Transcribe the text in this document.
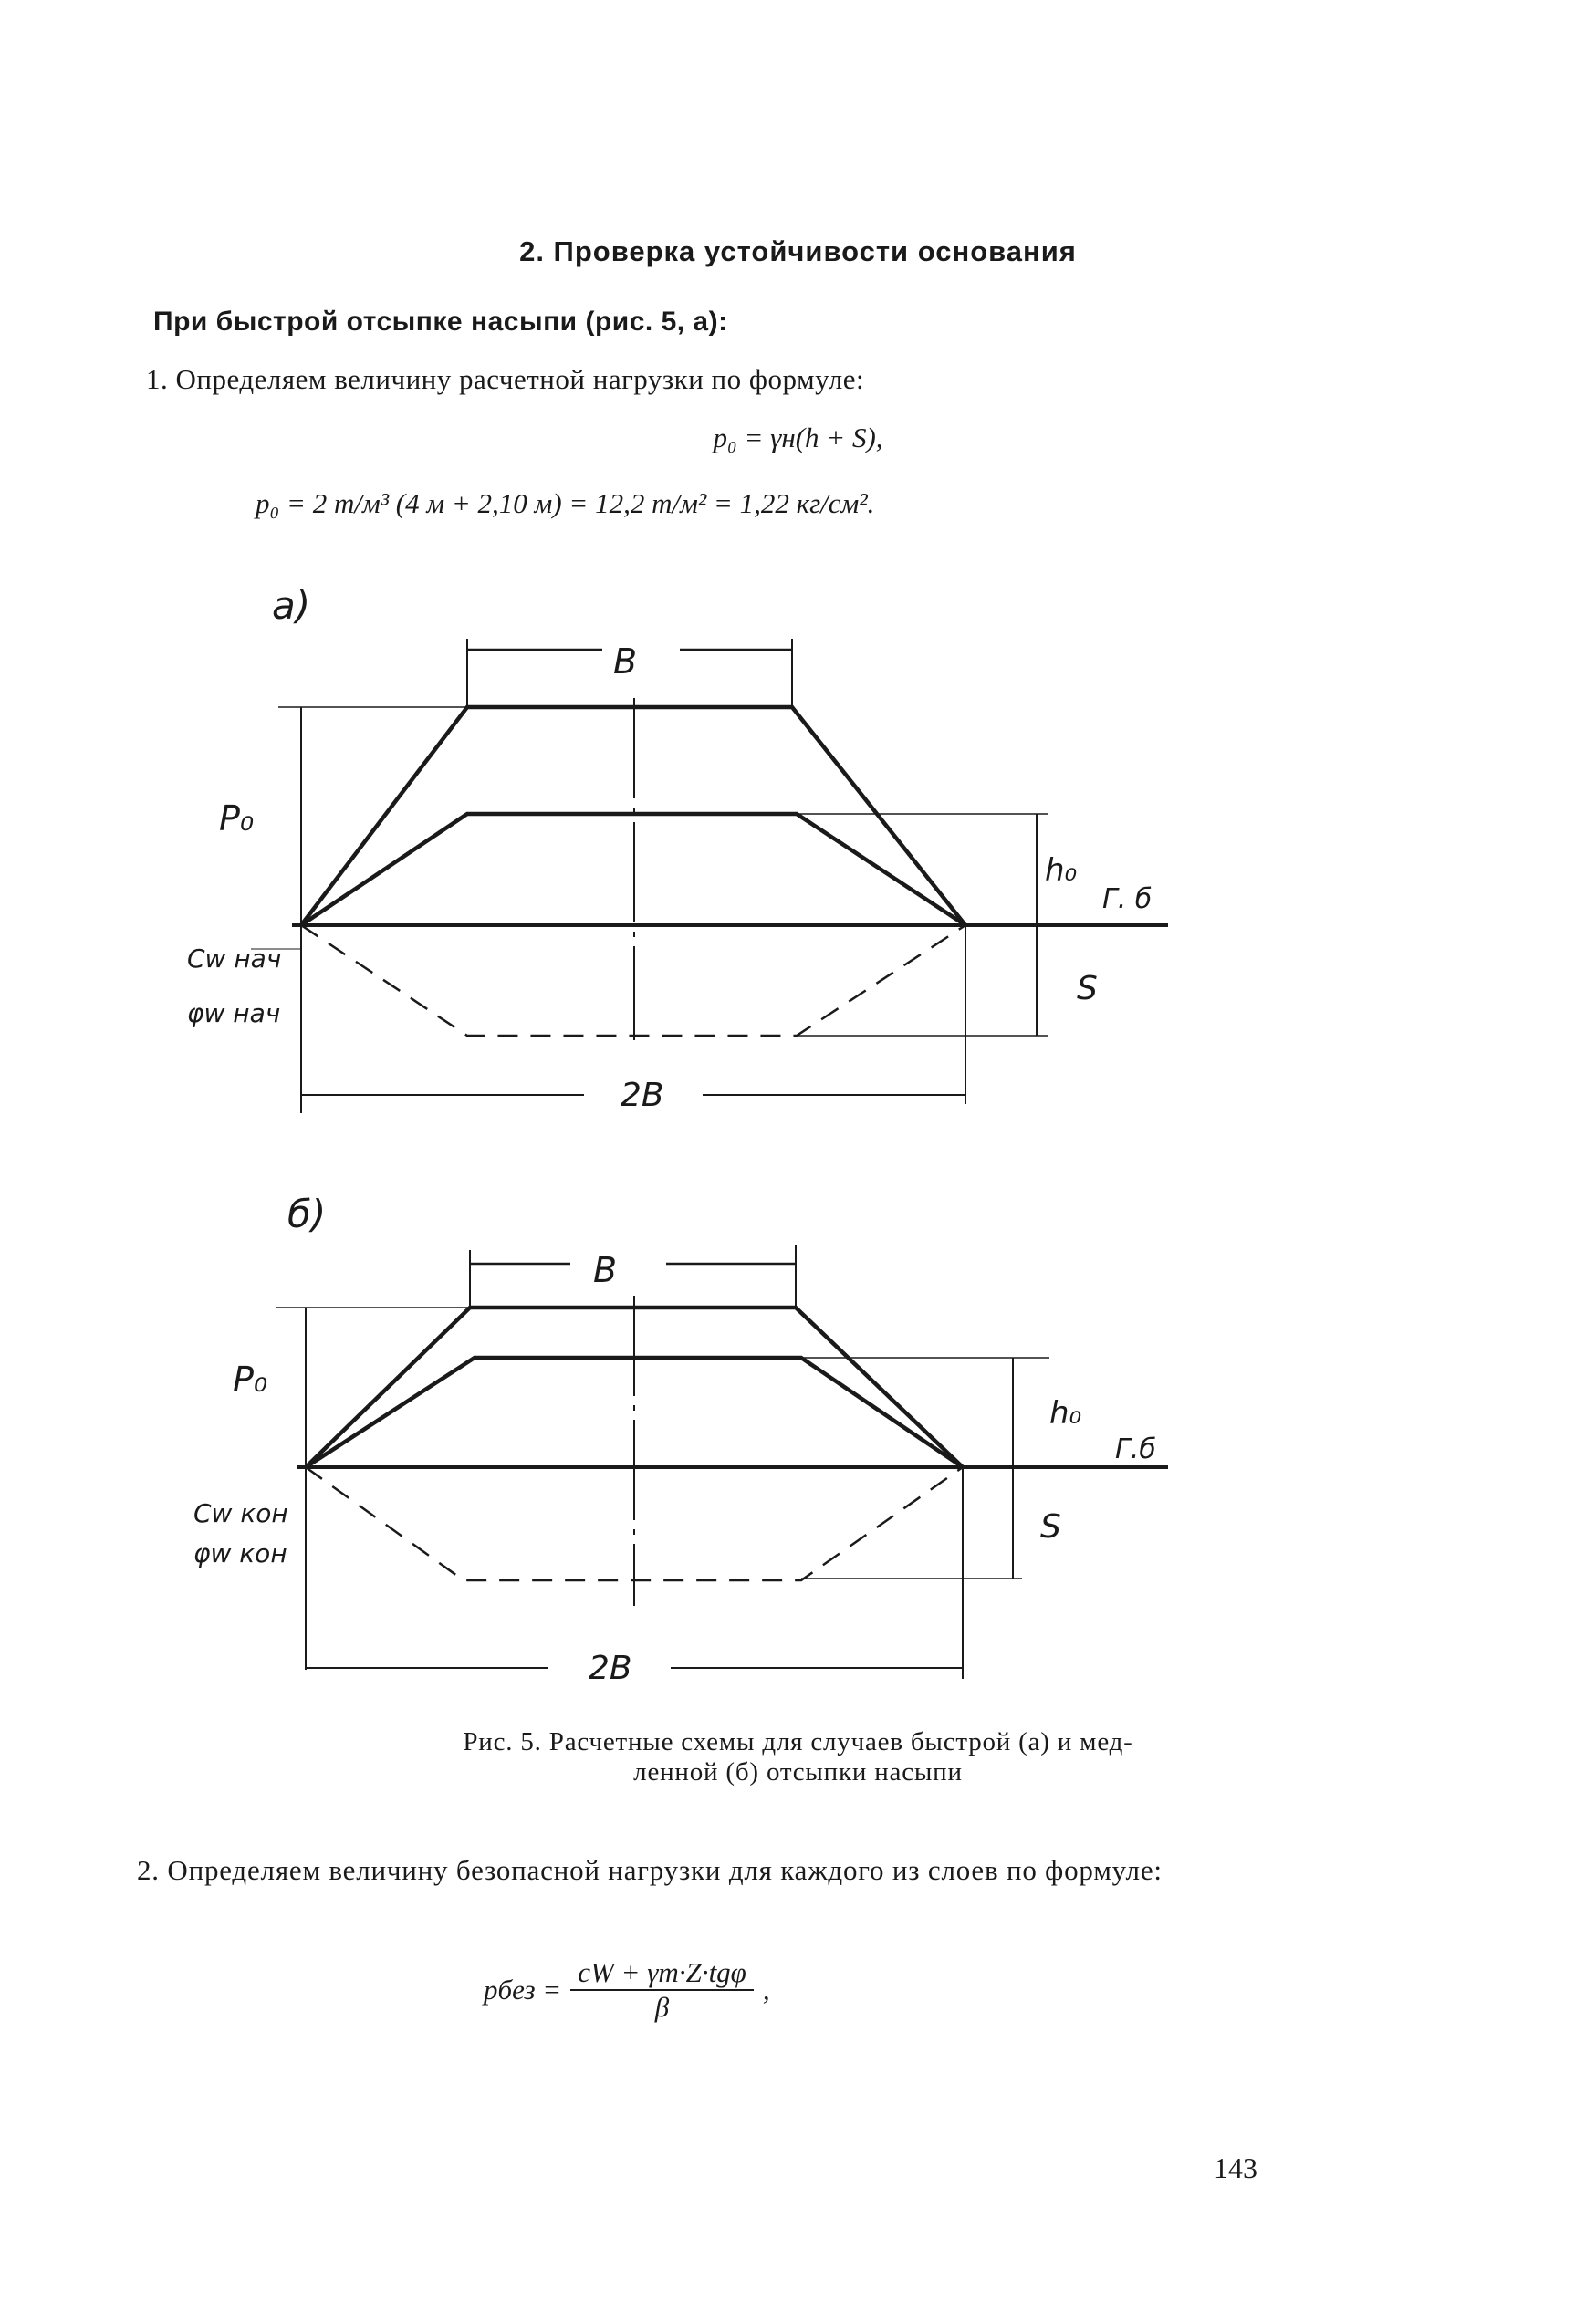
2. Проверка устойчивости основания
При быстрой отсыпке насыпи (рис. 5, а):
1. Определяем величину расчетной нагрузки по формуле:
p₀ = γн(h + S),
p₀ = 2 т/м³ (4 м + 2,10 м) = 12,2 т/м² = 1,22 кг/см².
а)
B
P₀
h₀
Г. б
S
Cw нач
φw нач
2B
б)
B
P₀
h₀
Г.б
S
Cw кон
φw кон
2B
Рис. 5. Расчетные схемы для случаев быстрой (а) и мед-
ленной (б) отсыпки насыпи
2. Определяем величину безопасной нагрузки для каждого из слоев по формуле:
pбез =
cW + γт·Z·tgφ
β
,
143
